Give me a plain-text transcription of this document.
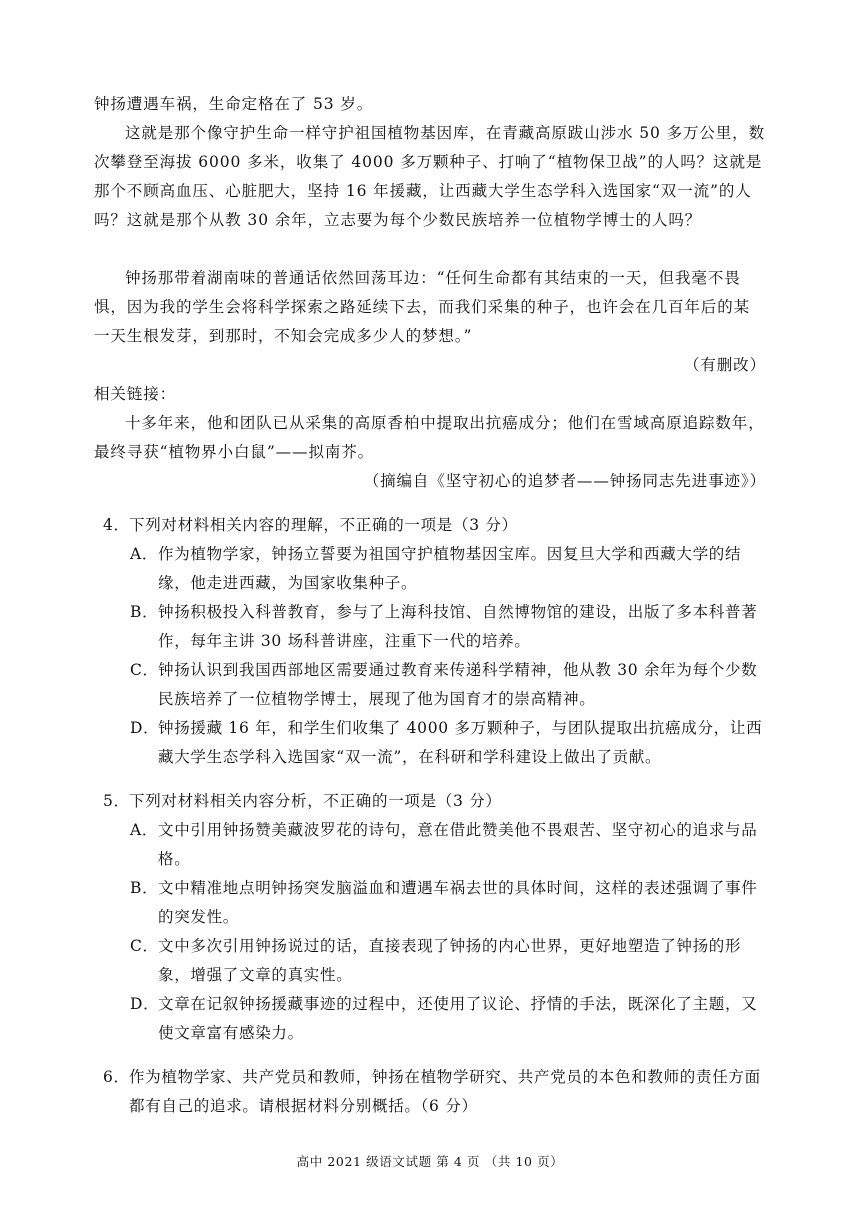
钟扬遭遇车祸，生命定格在了 53 岁。
这就是那个像守护生命一样守护祖国植物基因库，在青藏高原跋山涉水 50 多万公里，数次攀登至海拔 6000 多米，收集了 4000 多万颗种子、打响了“植物保卫战”的人吗？这就是那个不顾高血压、心脏肥大，坚持 16 年援藏，让西藏大学生态学科入选国家“双一流”的人吗？这就是那个从教 30 余年，立志要为每个少数民族培养一位植物学博士的人吗？
钟扬那带着湖南味的普通话依然回荡耳边：“任何生命都有其结束的一天，但我毫不畏惧，因为我的学生会将科学探索之路延续下去，而我们采集的种子，也许会在几百年后的某一天生根发芽，到那时，不知会完成多少人的梦想。”
（有删改）
相关链接：
十多年来，他和团队已从采集的高原香柏中提取出抗癌成分；他们在雪域高原追踪数年，最终寻获“植物界小白鼠”——拟南芥。
（摘编自《坚守初心的追梦者——钟扬同志先进事迹》）
4．下列对材料相关内容的理解，不正确的一项是（3 分）
A．作为植物学家，钟扬立誓要为祖国守护植物基因宝库。因复旦大学和西藏大学的结缘，他走进西藏，为国家收集种子。
B．钟扬积极投入科普教育，参与了上海科技馆、自然博物馆的建设，出版了多本科普著作，每年主讲 30 场科普讲座，注重下一代的培养。
C．钟扬认识到我国西部地区需要通过教育来传递科学精神，他从教 30 余年为每个少数民族培养了一位植物学博士，展现了他为国育才的崇高精神。
D．钟扬援藏 16 年，和学生们收集了 4000 多万颗种子，与团队提取出抗癌成分，让西藏大学生态学科入选国家“双一流”，在科研和学科建设上做出了贡献。
5．下列对材料相关内容分析，不正确的一项是（3 分）
A．文中引用钟扬赞美藏波罗花的诗句，意在借此赞美他不畏艰苦、坚守初心的追求与品格。
B．文中精准地点明钟扬突发脑溢血和遭遇车祸去世的具体时间，这样的表述强调了事件的突发性。
C．文中多次引用钟扬说过的话，直接表现了钟扬的内心世界，更好地塑造了钟扬的形象，增强了文章的真实性。
D．文章在记叙钟扬援藏事迹的过程中，还使用了议论、抒情的手法，既深化了主题，又使文章富有感染力。
6．作为植物学家、共产党员和教师，钟扬在植物学研究、共产党员的本色和教师的责任方面都有自己的追求。请根据材料分别概括。（6 分）
高中 2021 级语文试题 第 4 页 （共 10 页）
